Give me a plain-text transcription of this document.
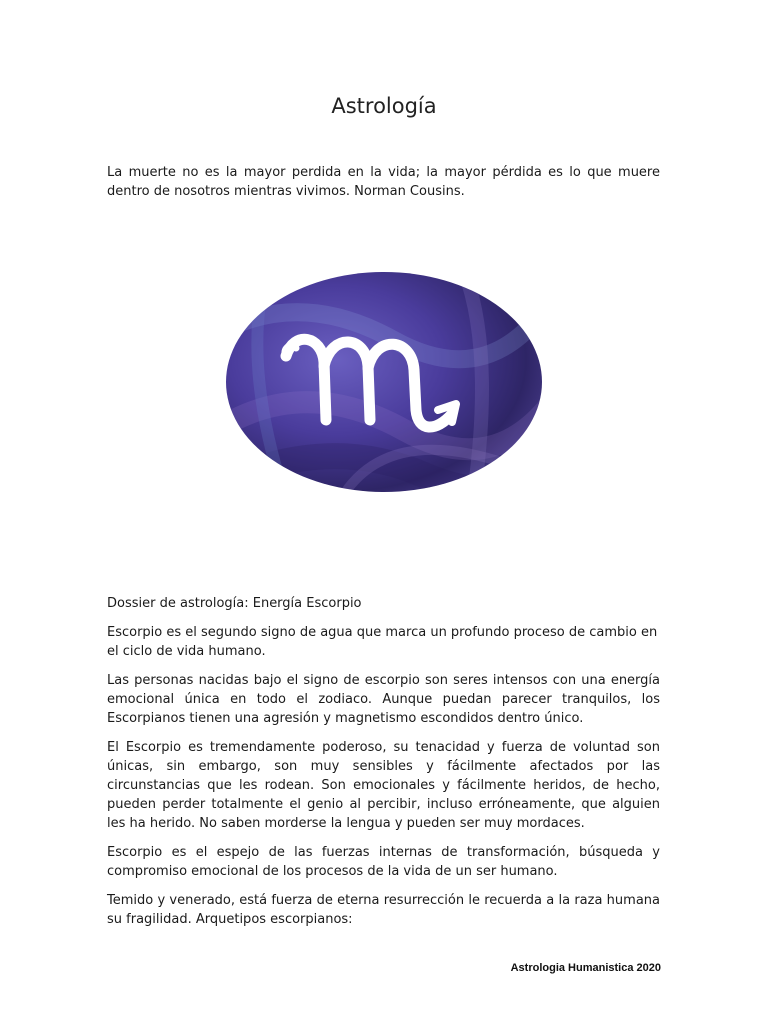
Astrología

La muerte no es la mayor perdida en la vida; la mayor pérdida es lo que muere dentro de nosotros mientras vivimos. Norman Cousins.

Dossier de astrología: Energía Escorpio

Escorpio es el segundo signo de agua que marca un profundo proceso de cambio en el ciclo de vida humano.

Las personas nacidas bajo el signo de escorpio son seres intensos con una energía emocional única en todo el zodiaco. Aunque puedan parecer tranquilos, los Escorpianos tienen una agresión y magnetismo escondidos dentro único.

El Escorpio es tremendamente poderoso, su tenacidad y fuerza de voluntad son únicas, sin embargo, son muy sensibles y fácilmente afectados por las circunstancias que les rodean. Son emocionales y fácilmente heridos, de hecho, pueden perder totalmente el genio al percibir, incluso erróneamente, que alguien les ha herido. No saben morderse la lengua y pueden ser muy mordaces.

Escorpio es el espejo de las fuerzas internas de transformación, búsqueda y compromiso emocional de los procesos de la vida de un ser humano.

Temido y venerado, está fuerza de eterna resurrección le recuerda a la raza humana su fragilidad. Arquetipos escorpianos:

Astrologia Humanistica 2020
